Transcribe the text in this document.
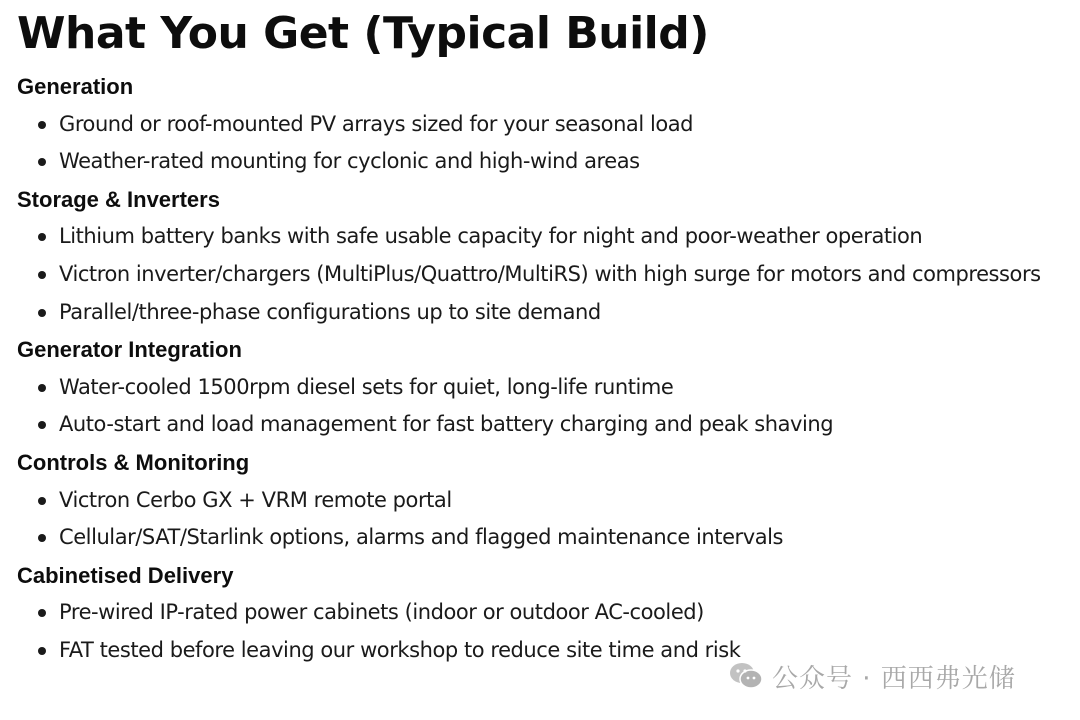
What You Get (Typical Build)
Generation
Ground or roof-mounted PV arrays sized for your seasonal load
Weather-rated mounting for cyclonic and high-wind areas
Storage & Inverters
Lithium battery banks with safe usable capacity for night and poor-weather operation
Victron inverter/chargers (MultiPlus/Quattro/MultiRS) with high surge for motors and compressors
Parallel/three-phase configurations up to site demand
Generator Integration
Water-cooled 1500rpm diesel sets for quiet, long-life runtime
Auto-start and load management for fast battery charging and peak shaving
Controls & Monitoring
Victron Cerbo GX + VRM remote portal
Cellular/SAT/Starlink options, alarms and flagged maintenance intervals
Cabinetised Delivery
Pre-wired IP-rated power cabinets (indoor or outdoor AC-cooled)
FAT tested before leaving our workshop to reduce site time and risk
公众号 · 西西弗光储
